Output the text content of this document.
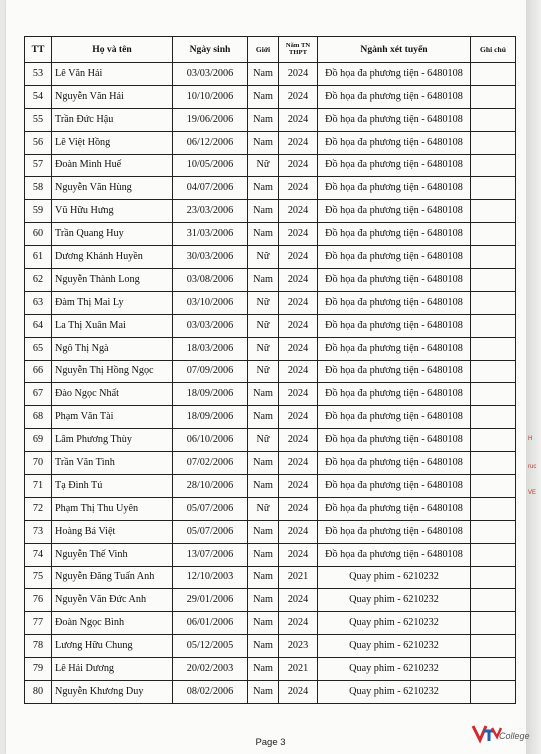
H
ruc
VE
TT	Họ và tên	Ngày sinh	Giới	Năm TN THPT	Ngành xét tuyển	Ghi chú
53	Lê Văn Hải	03/03/2006	Nam	2024	Đồ họa đa phương tiện - 6480108	
54	Nguyễn Văn Hải	10/10/2006	Nam	2024	Đồ họa đa phương tiện - 6480108	
55	Trần Đức Hậu	19/06/2006	Nam	2024	Đồ họa đa phương tiện - 6480108	
56	Lê Việt Hồng	06/12/2006	Nam	2024	Đồ họa đa phương tiện - 6480108	
57	Đoàn Minh Huế	10/05/2006	Nữ	2024	Đồ họa đa phương tiện - 6480108	
58	Nguyễn Văn Hùng	04/07/2006	Nam	2024	Đồ họa đa phương tiện - 6480108	
59	Vũ Hữu Hưng	23/03/2006	Nam	2024	Đồ họa đa phương tiện - 6480108	
60	Trần Quang Huy	31/03/2006	Nam	2024	Đồ họa đa phương tiện - 6480108	
61	Dương Khánh Huyền	30/03/2006	Nữ	2024	Đồ họa đa phương tiện - 6480108	
62	Nguyễn Thành Long	03/08/2006	Nam	2024	Đồ họa đa phương tiện - 6480108	
63	Đàm Thị Mai Ly	03/10/2006	Nữ	2024	Đồ họa đa phương tiện - 6480108	
64	La Thị Xuân Mai	03/03/2006	Nữ	2024	Đồ họa đa phương tiện - 6480108	
65	Ngô Thị Ngà	18/03/2006	Nữ	2024	Đồ họa đa phương tiện - 6480108	
66	Nguyễn Thị Hồng Ngọc	07/09/2006	Nữ	2024	Đồ họa đa phương tiện - 6480108	
67	Đào Ngọc Nhất	18/09/2006	Nam	2024	Đồ họa đa phương tiện - 6480108	
68	Phạm Văn Tài	18/09/2006	Nam	2024	Đồ họa đa phương tiện - 6480108	
69	Lâm Phương Thùy	06/10/2006	Nữ	2024	Đồ họa đa phương tiện - 6480108	
70	Trần Văn Tình	07/02/2006	Nam	2024	Đồ họa đa phương tiện - 6480108	
71	Tạ Đình Tú	28/10/2006	Nam	2024	Đồ họa đa phương tiện - 6480108	
72	Phạm Thị Thu Uyên	05/07/2006	Nữ	2024	Đồ họa đa phương tiện - 6480108	
73	Hoàng Bá Việt	05/07/2006	Nam	2024	Đồ họa đa phương tiện - 6480108	
74	Nguyễn Thế Vinh	13/07/2006	Nam	2024	Đồ họa đa phương tiện - 6480108	
75	Nguyễn Đăng Tuấn Anh	12/10/2003	Nam	2021	Quay phim - 6210232	
76	Nguyễn Văn Đức Anh	29/01/2006	Nam	2024	Quay phim - 6210232	
77	Đoàn Ngọc Bình	06/01/2006	Nam	2024	Quay phim - 6210232	
78	Lương Hữu Chung	05/12/2005	Nam	2023	Quay phim - 6210232	
79	Lê Hải Dương	20/02/2003	Nam	2021	Quay phim - 6210232	
80	Nguyễn Khương Duy	08/02/2006	Nam	2024	Quay phim - 6210232	
Page 3
College
